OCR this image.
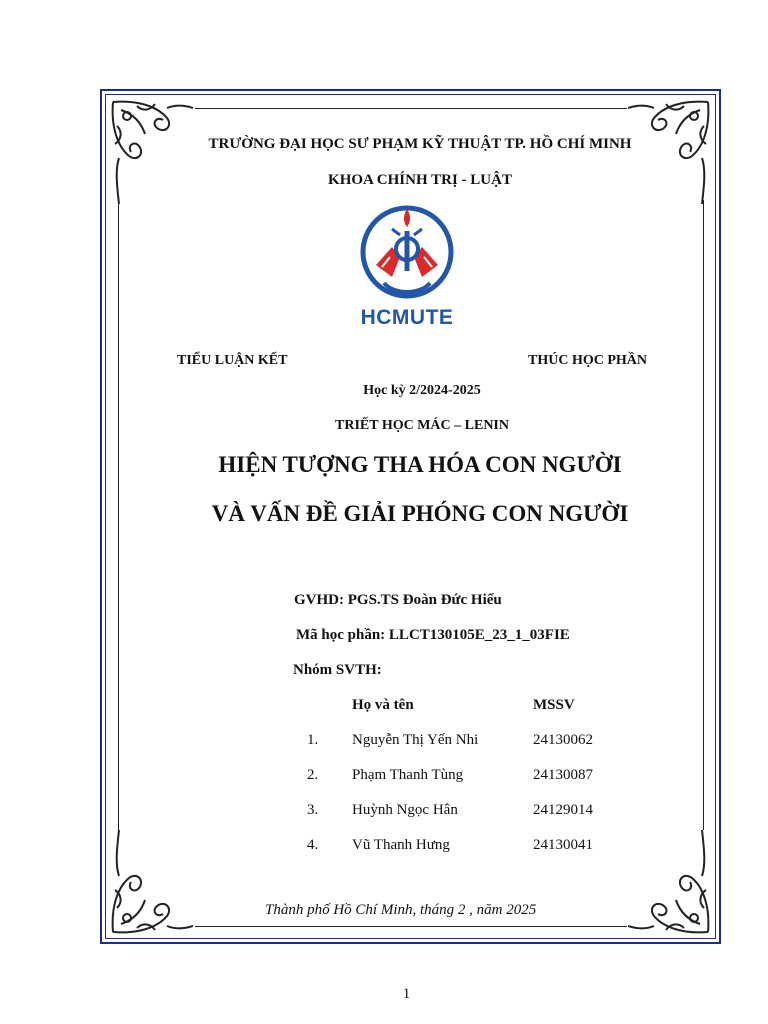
TRƯỜNG ĐẠI HỌC SƯ PHẠM KỸ THUẬT TP. HỒ CHÍ MINH
KHOA CHÍNH TRỊ - LUẬT
HCMUTE
TIỂU LUẬN KẾT	THÚC HỌC PHẦN
Học kỳ 2/2024-2025
TRIẾT HỌC MÁC – LENIN
HIỆN TƯỢNG THA HÓA CON NGƯỜI
VÀ VẤN ĐỀ GIẢI PHÓNG CON NGƯỜI
GVHD: PGS.TS Đoàn Đức Hiếu
Mã học phần: LLCT130105E_23_1_03FIE
Nhóm SVTH:
Họ và tên	MSSV
1. Nguyễn Thị Yến Nhi	24130062
2. Phạm Thanh Tùng	24130087
3. Huỳnh Ngọc Hân	24129014
4. Vũ Thanh Hưng	24130041
Thành phố Hồ Chí Minh, tháng 2 , năm 2025
1
